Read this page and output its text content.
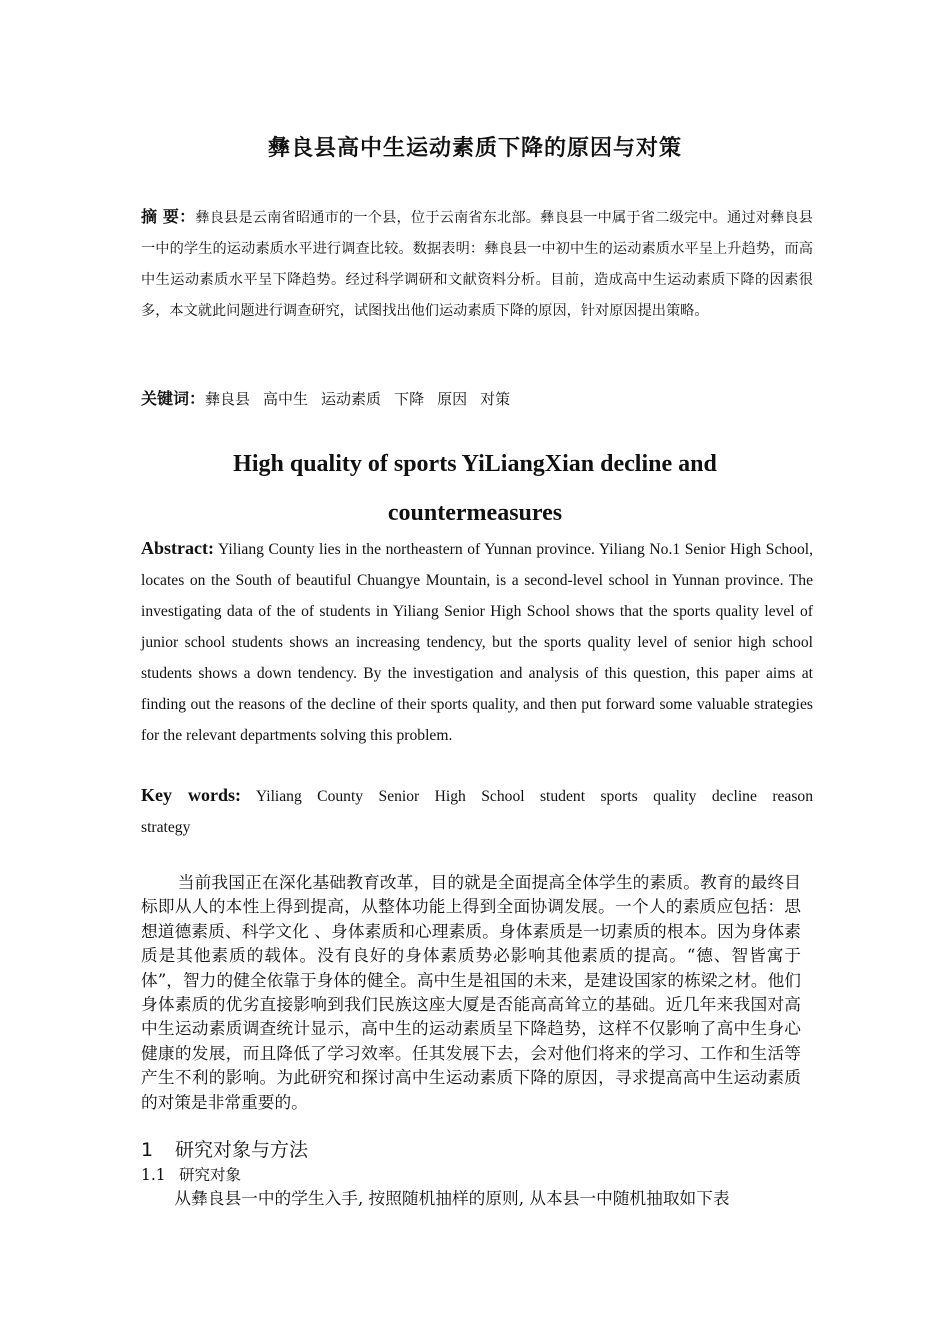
彝良县高中生运动素质下降的原因与对策
摘 要：彝良县是云南省昭通市的一个县，位于云南省东北部。彝良县一中属于省二级完中。通过对彝良县一中的学生的运动素质水平进行调查比较。数据表明：彝良县一中初中生的运动素质水平呈上升趋势，而高中生运动素质水平呈下降趋势。经过科学调研和文献资料分析。目前，造成高中生运动素质下降的因素很多，本文就此问题进行调查研究，试图找出他们运动素质下降的原因，针对原因提出策略。
关键词：彝良县 高中生 运动素质 下降 原因 对策
High quality of sports YiLiangXian decline and
countermeasures
Abstract: Yiliang County lies in the northeastern of Yunnan province. Yiliang No.1 Senior High School, locates on the South of beautiful Chuangye Mountain, is a second-level school in Yunnan province. The investigating data of the of students in Yiliang Senior High School shows that the sports quality level of junior school students shows an increasing tendency, but the sports quality level of senior high school students shows a down tendency. By the investigation and analysis of this question, this paper aims at finding out the reasons of the decline of their sports quality, and then put forward some valuable strategies for the relevant departments solving this problem.
Key words: Yiliang County Senior High School student sports quality decline reason
strategy
当前我国正在深化基础教育改革，目的就是全面提高全体学生的素质。教育的最终目标即从人的本性上得到提高，从整体功能上得到全面协调发展。一个人的素质应包括：思想道德素质、科学文化 、身体素质和心理素质。身体素质是一切素质的根本。因为身体素质是其他素质的载体。没有良好的身体素质势必影响其他素质的提高。“德、智皆寓于体”，智力的健全依靠于身体的健全。高中生是祖国的未来，是建设国家的栋梁之材。他们身体素质的优劣直接影响到我们民族这座大厦是否能高高耸立的基础。近几年来我国对高中生运动素质调查统计显示，高中生的运动素质呈下降趋势，这样不仅影响了高中生身心健康的发展，而且降低了学习效率。任其发展下去，会对他们将来的学习、工作和生活等产生不利的影响。为此研究和探讨高中生运动素质下降的原因，寻求提高高中生运动素质的对策是非常重要的。
1 研究对象与方法
1.1 研究对象
从彝良县一中的学生入手, 按照随机抽样的原则, 从本县一中随机抽取如下表
